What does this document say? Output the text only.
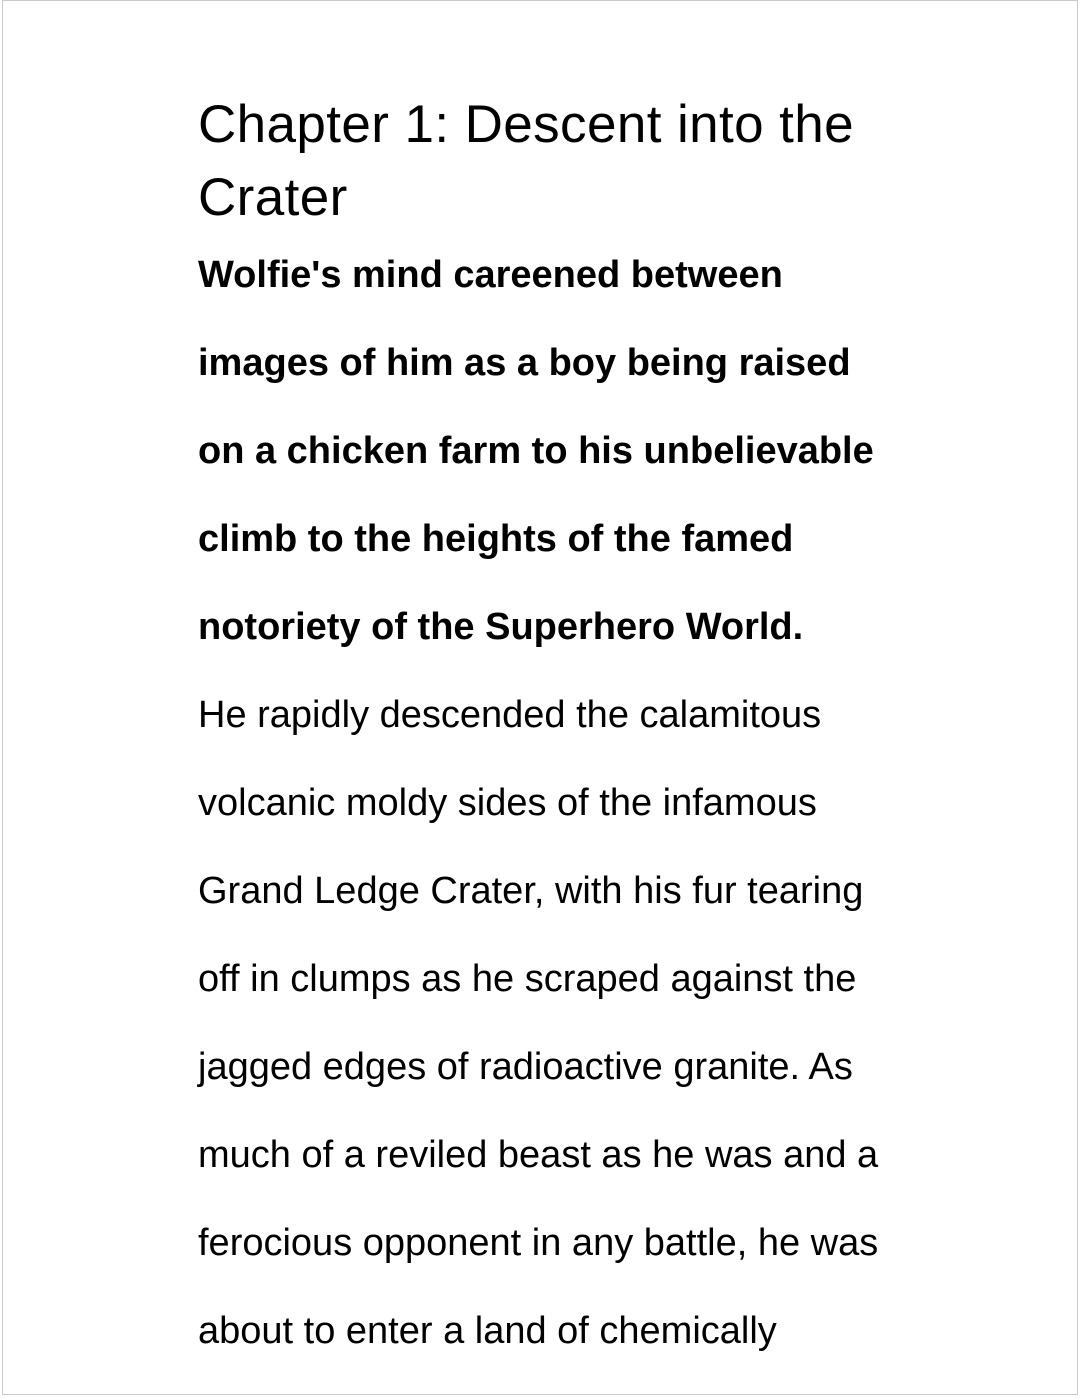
Chapter 1: Descent into the
Crater
Wolfie's mind careened between
images of him as a boy being raised
on a chicken farm to his unbelievable
climb to the heights of the famed
notoriety of the Superhero World.
He rapidly descended the calamitous
volcanic moldy sides of the infamous
Grand Ledge Crater, with his fur tearing
off in clumps as he scraped against the
jagged edges of radioactive granite. As
much of a reviled beast as he was and a
ferocious opponent in any battle, he was
about to enter a land of chemically
